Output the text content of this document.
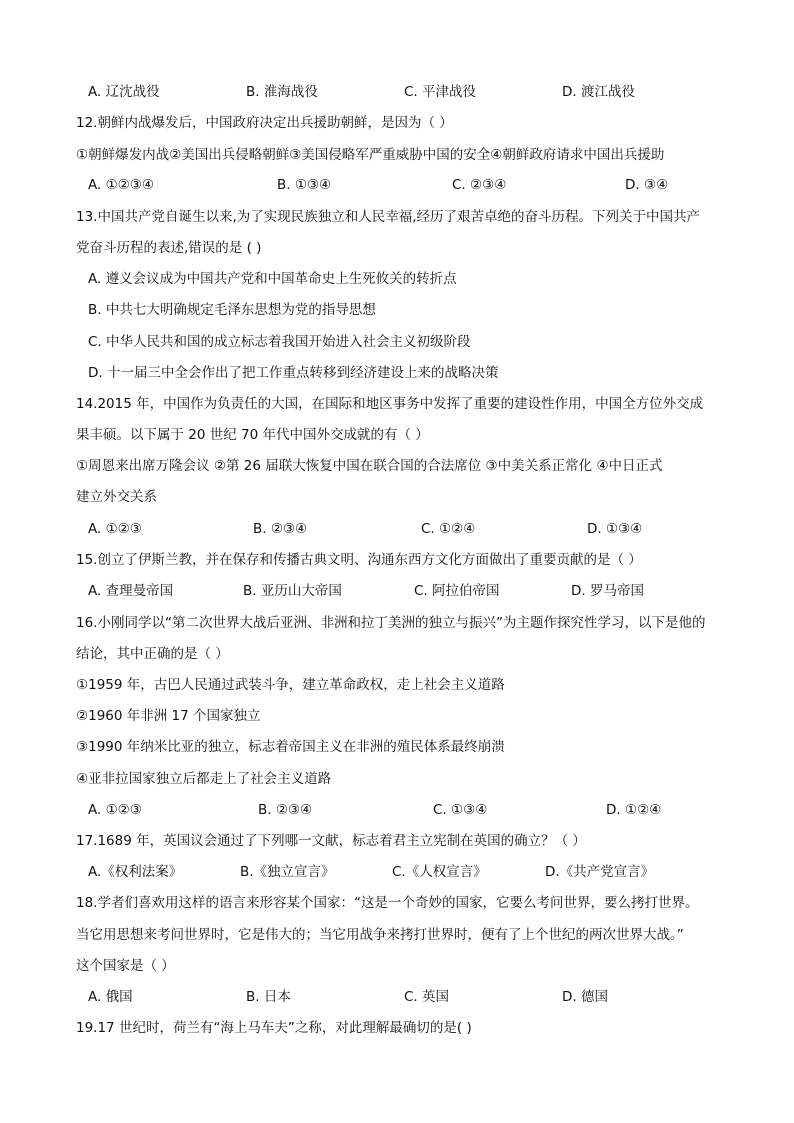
A. 辽沈战役	B. 淮海战役	C. 平津战役	D. 渡江战役
12.朝鲜内战爆发后，中国政府决定出兵援助朝鲜，是因为（ ）
①朝鲜爆发内战②美国出兵侵略朝鲜③美国侵略军严重威胁中国的安全④朝鲜政府请求中国出兵援助
A. ①②③④	B. ①③④	C. ②③④	D. ③④
13.中国共产党自诞生以来,为了实现民族独立和人民幸福,经历了艰苦卓绝的奋斗历程。下列关于中国共产
党奋斗历程的表述,错误的是 ( )
A. 遵义会议成为中国共产党和中国革命史上生死攸关的转折点
B. 中共七大明确规定毛泽东思想为党的指导思想
C. 中华人民共和国的成立标志着我国开始进入社会主义初级阶段
D. 十一届三中全会作出了把工作重点转移到经济建设上来的战略决策
14.2015 年，中国作为负责任的大国，在国际和地区事务中发挥了重要的建设性作用，中国全方位外交成
果丰硕。以下属于 20 世纪 70 年代中国外交成就的有（ ）
①周恩来出席万隆会议 ②第 26 届联大恢复中国在联合国的合法席位 ③中美关系正常化 ④中日正式
建立外交关系
A. ①②③	B. ②③④	C. ①②④	D. ①③④
15.创立了伊斯兰教，并在保存和传播古典文明、沟通东西方文化方面做出了重要贡献的是（ ）
A. 查理曼帝国	B. 亚历山大帝国	C. 阿拉伯帝国	D. 罗马帝国
16.小刚同学以“第二次世界大战后亚洲、非洲和拉丁美洲的独立与振兴”为主题作探究性学习，以下是他的
结论，其中正确的是（ ）
①1959 年，古巴人民通过武装斗争，建立革命政权，走上社会主义道路
②1960 年非洲 17 个国家独立
③1990 年纳米比亚的独立，标志着帝国主义在非洲的殖民体系最终崩溃
④亚非拉国家独立后都走上了社会主义道路
A. ①②③	B. ②③④	C. ①③④	D. ①②④
17.1689 年，英国议会通过了下列哪一文献，标志着君主立宪制在英国的确立？（ ）
A.《权利法案》	B.《独立宣言》	C.《人权宣言》	D.《共产党宣言》
18.学者们喜欢用这样的语言来形容某个国家：“这是一个奇妙的国家，它要么考问世界，要么拷打世界。
当它用思想来考问世界时，它是伟大的；当它用战争来拷打世界时，便有了上个世纪的两次世界大战。”
这个国家是（ ）
A. 俄国	B. 日本	C. 英国	D. 德国
19.17 世纪时，荷兰有“海上马车夫”之称，对此理解最确切的是( )
